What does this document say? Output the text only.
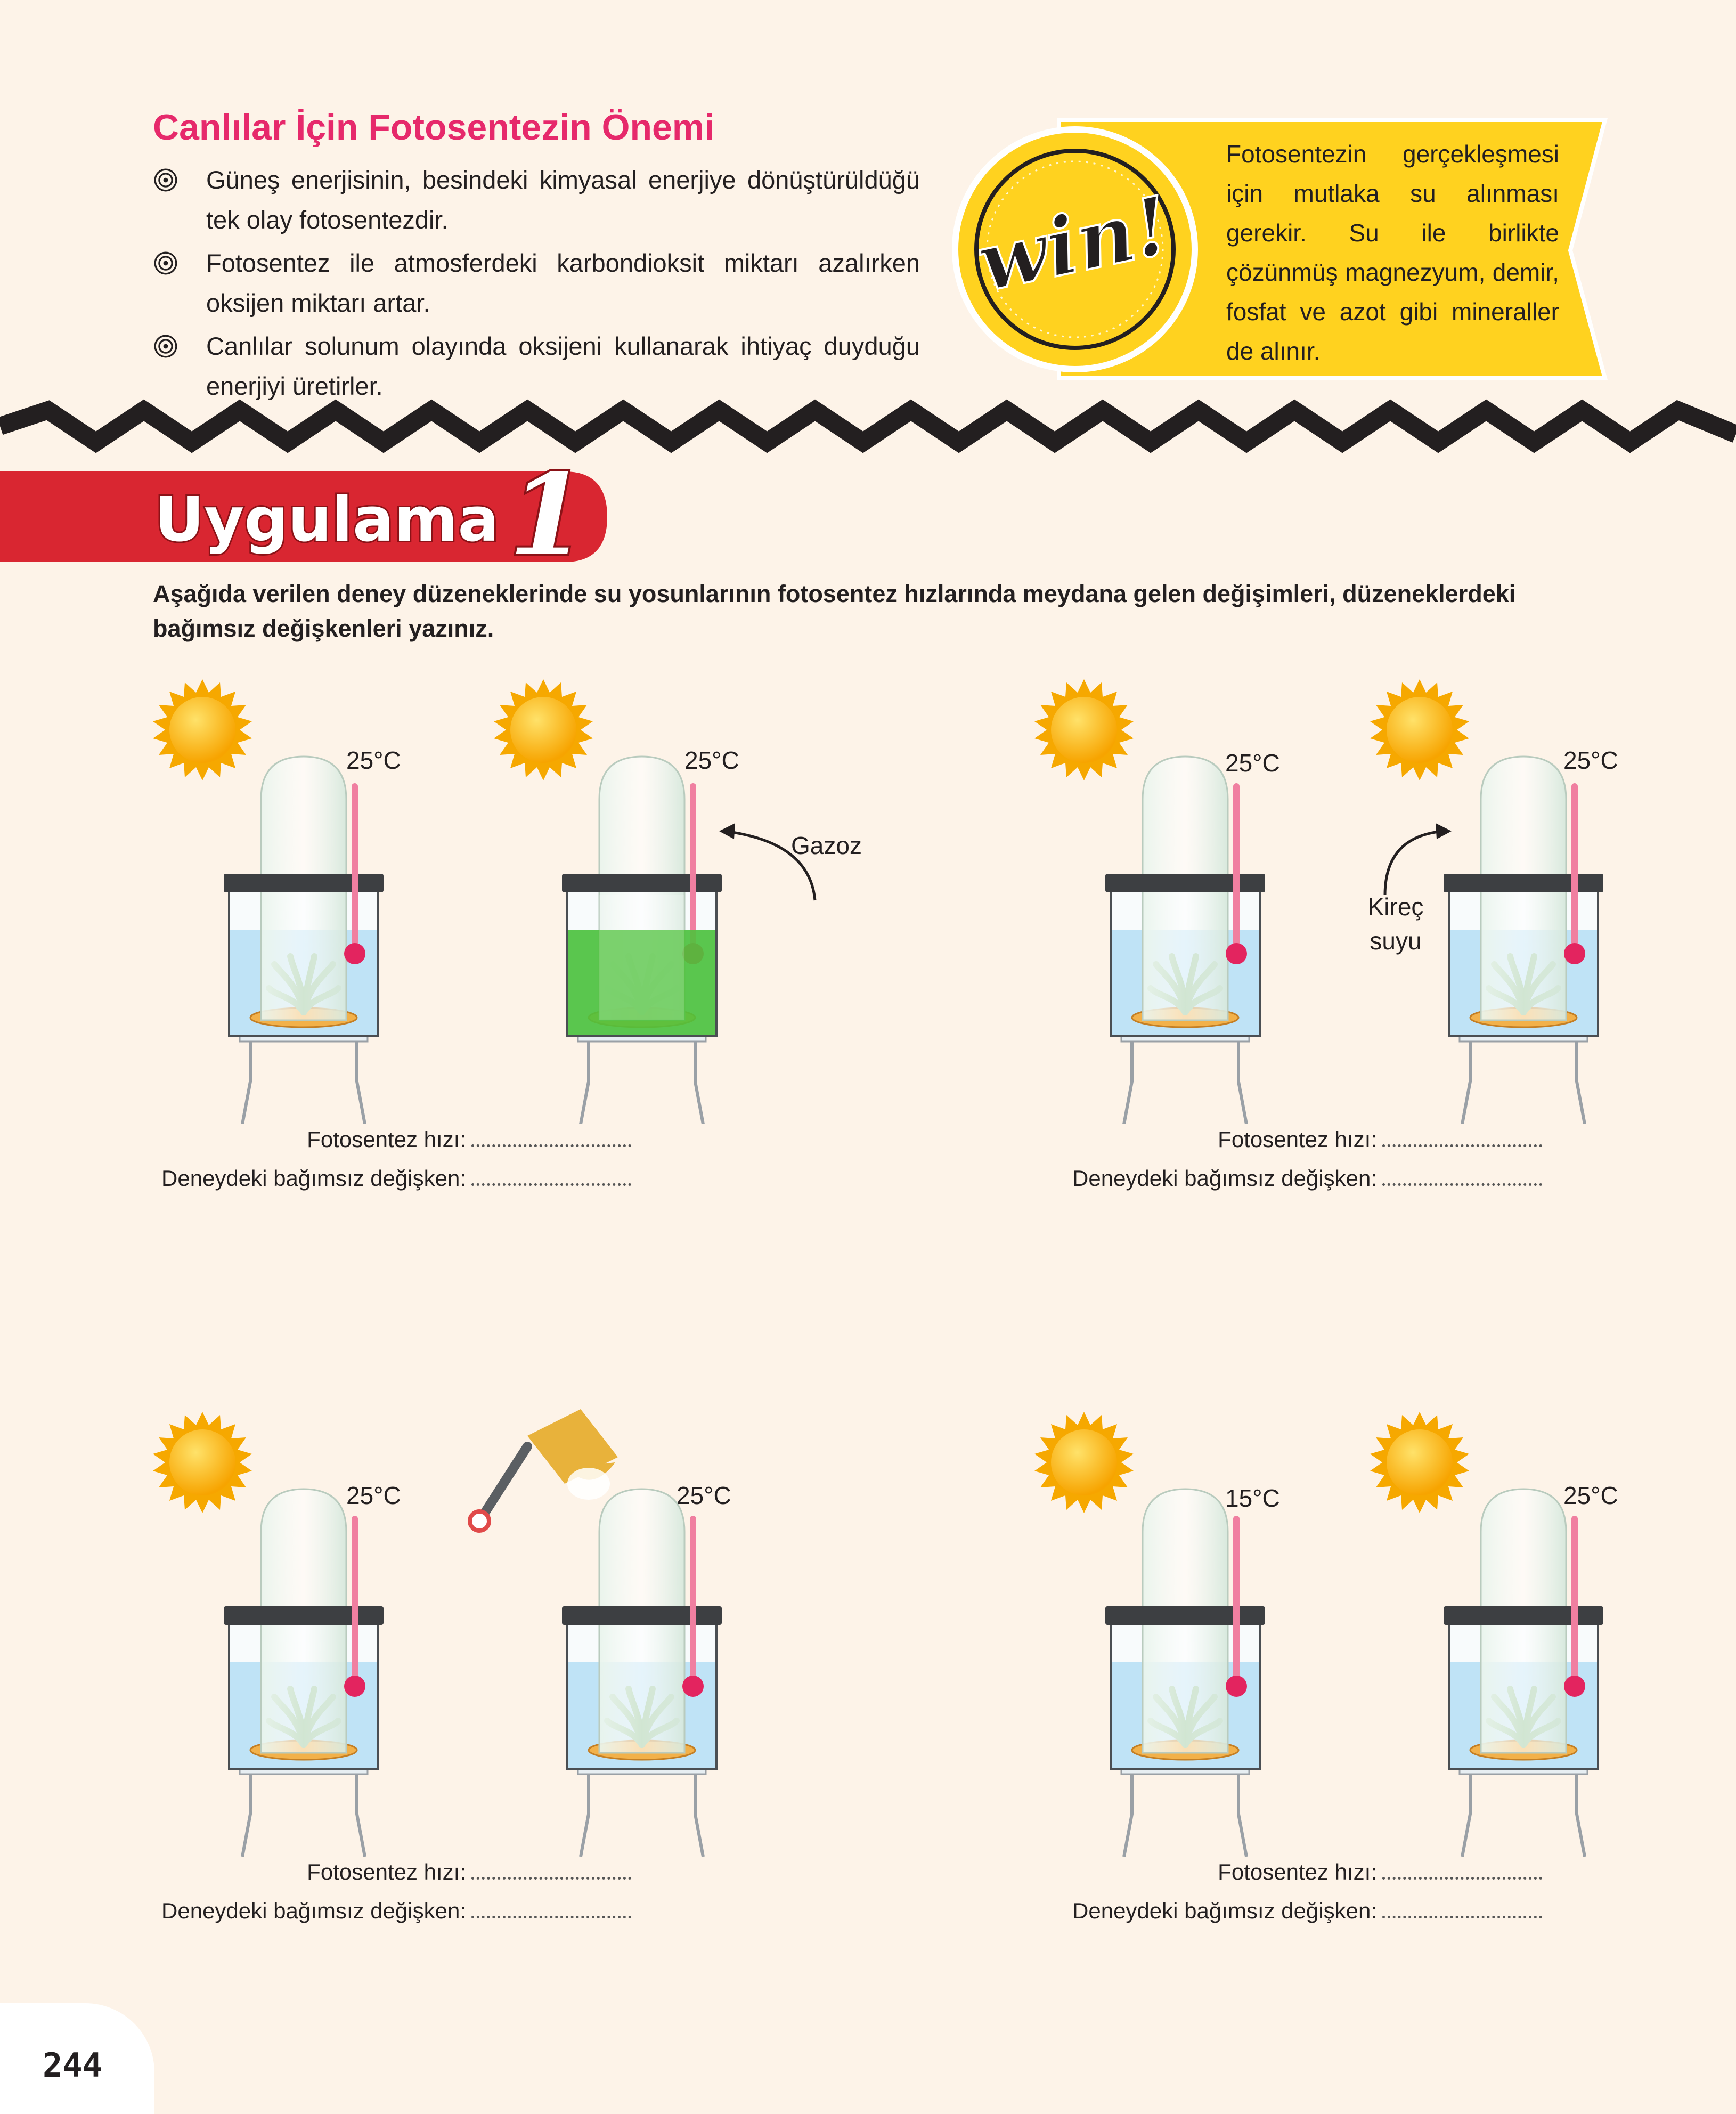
Canlılar İçin Fotosentezin Önemi
Güneş enerjisinin, besindeki kimyasal enerjiye dönüştürüldüğü tek olay fotosentezdir.
Fotosentez ile atmosferdeki karbondioksit miktarı azalırken oksijen miktarı artar.
Canlılar solunum olayında oksijeni kullanarak ihtiyaç duyduğu enerjiyi üretirler.
win!
Fotosentezin gerçekleşmesi için mutlaka su alınması gerekir. Su ile birlikte çözünmüş magnezyum, demir, fosfat ve azot gibi mineraller de alınır.
Uygulama 1
Aşağıda verilen deney düzeneklerinde su yosunlarının fotosentez hızlarında meydana gelen değişimleri, düzeneklerdeki bağımsız değişkenleri yazınız.
25°C	25°C
Gazoz
Fotosentez hızı:
Deneydeki bağımsız değişken:
25°C	25°C
Kireç suyu
Fotosentez hızı:
Deneydeki bağımsız değişken:
25°C	25°C
Fotosentez hızı:
Deneydeki bağımsız değişken:
15°C	25°C
Fotosentez hızı:
Deneydeki bağımsız değişken:
244
